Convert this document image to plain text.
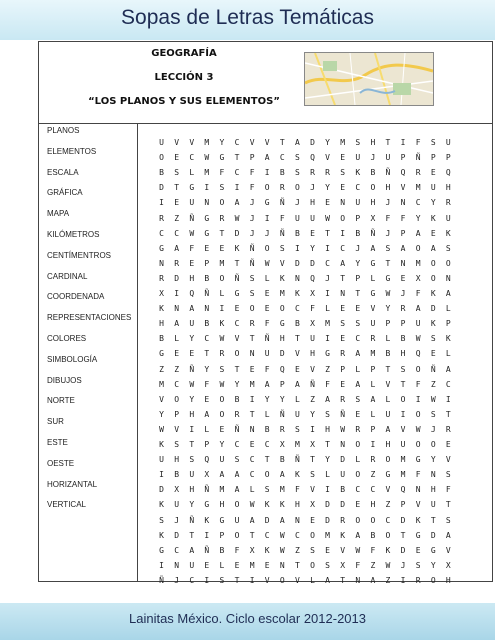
Sopas de Letras Temáticas
GEOGRAFÍA
LECCIÓN 3
“LOS PLANOS Y SUS ELEMENTOS”
PLANOS
ELEMENTOS
ESCALA
GRÁFICA
MAPA
KILÓMETROS
CENTÍMENTROS
CARDINAL
COORDENADA
REPRESENTACIONES
COLORES
SIMBOLOGÍA
DIBUJOS
NORTE
SUR
ESTE
OESTE
HORIZANTAL
VERTICAL
U V V M Y C V V T A D Y M S H T I F S U
O E C W G T P A C S Q V E U J U P Ñ P P
B S L M F C F I B S R R S K B Ñ Q R E Q
D T G I S I F O R O J Y E C O H V M U H
I E U N O A J G Ñ J H E N U H J N C Y R
R Z Ñ G R W J I F U U W O P X F F Y K U
C C W G T D J J Ñ B E T I B Ñ J P A E K
G A F E E K Ñ O S I Y I C J A S A O A S
N R E P M T Ñ W V D D C A Y G T N M O O
R D H B O Ñ S L K N Q J T P L G E X O N
X I Q Ñ L G S E M K X I N T G W J F K A
K N A N I E O E O C F L E E V Y R A D L
H A U B K C R F G B X M S S U P P U K P
B L Y C W V T Ñ H T U I E C R L B W S K
G E E T R O N U D V H G R A M B H Q E L
Z Z Ñ Y S T E F Q E V Z P L P T S O Ñ A
M C W F W Y M A P A Ñ F E A L V T F Z C
V O Y E O B I Y Y L Z A R S A L O I W I
Y P H A O R T L Ñ U Y S Ñ E L U I O S T
W V I L E Ñ N B R S I H W R P A V W J R
K S T P Y C E C X M X T N O I H U O O E
U H S Q U S C T B Ñ T Y D L R O M G Y V
I B U X A A C O A K S L U O Z G M F N S
D X H Ñ M A L S M F V I B C C V Q N H F
K U Y G H O W K K H X D D E H Z P V U T
S J Ñ K G U A D A N E D R O O C D K T S
K D T I P O T C W C O M K A B O T G D A
G C A Ñ B F X K W Z S E V W F K D E G V
I N U E L E M E N T O S X F Z W J S Y X
Ñ J C I S T I V O V L A T N A Z I R O H
Lainitas México. Ciclo escolar 2012-2013
